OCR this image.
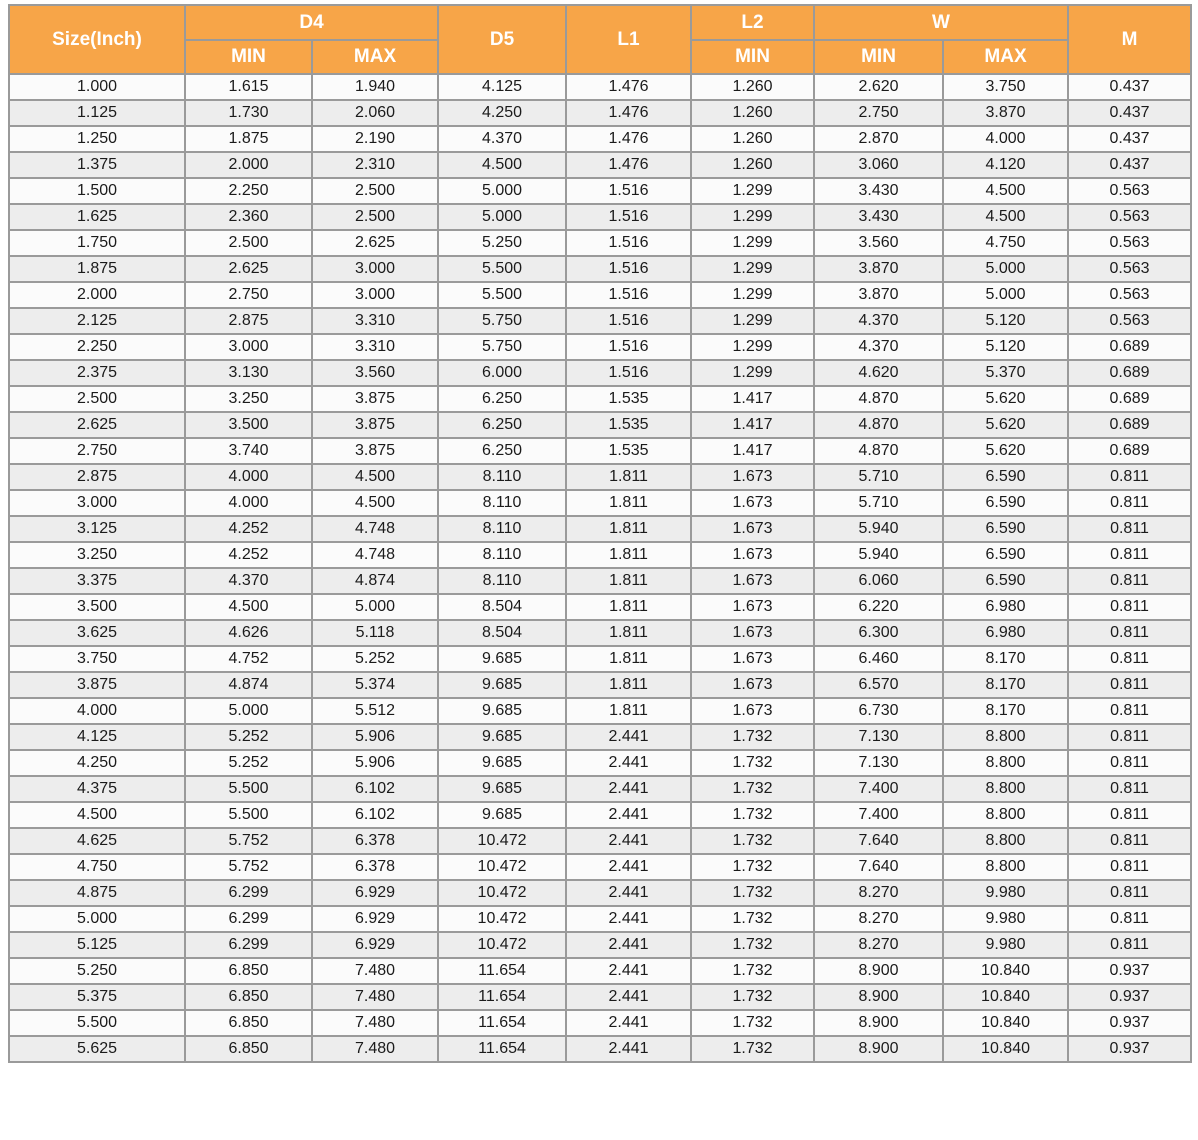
Size(Inch)	D4		D5	L1	L2	W		M
	MIN	MAX			MIN	MIN	MAX	
1.000	1.615	1.940	4.125	1.476	1.260	2.620	3.750	0.437
1.125	1.730	2.060	4.250	1.476	1.260	2.750	3.870	0.437
1.250	1.875	2.190	4.370	1.476	1.260	2.870	4.000	0.437
1.375	2.000	2.310	4.500	1.476	1.260	3.060	4.120	0.437
1.500	2.250	2.500	5.000	1.516	1.299	3.430	4.500	0.563
1.625	2.360	2.500	5.000	1.516	1.299	3.430	4.500	0.563
1.750	2.500	2.625	5.250	1.516	1.299	3.560	4.750	0.563
1.875	2.625	3.000	5.500	1.516	1.299	3.870	5.000	0.563
2.000	2.750	3.000	5.500	1.516	1.299	3.870	5.000	0.563
2.125	2.875	3.310	5.750	1.516	1.299	4.370	5.120	0.563
2.250	3.000	3.310	5.750	1.516	1.299	4.370	5.120	0.689
2.375	3.130	3.560	6.000	1.516	1.299	4.620	5.370	0.689
2.500	3.250	3.875	6.250	1.535	1.417	4.870	5.620	0.689
2.625	3.500	3.875	6.250	1.535	1.417	4.870	5.620	0.689
2.750	3.740	3.875	6.250	1.535	1.417	4.870	5.620	0.689
2.875	4.000	4.500	8.110	1.811	1.673	5.710	6.590	0.811
3.000	4.000	4.500	8.110	1.811	1.673	5.710	6.590	0.811
3.125	4.252	4.748	8.110	1.811	1.673	5.940	6.590	0.811
3.250	4.252	4.748	8.110	1.811	1.673	5.940	6.590	0.811
3.375	4.370	4.874	8.110	1.811	1.673	6.060	6.590	0.811
3.500	4.500	5.000	8.504	1.811	1.673	6.220	6.980	0.811
3.625	4.626	5.118	8.504	1.811	1.673	6.300	6.980	0.811
3.750	4.752	5.252	9.685	1.811	1.673	6.460	8.170	0.811
3.875	4.874	5.374	9.685	1.811	1.673	6.570	8.170	0.811
4.000	5.000	5.512	9.685	1.811	1.673	6.730	8.170	0.811
4.125	5.252	5.906	9.685	2.441	1.732	7.130	8.800	0.811
4.250	5.252	5.906	9.685	2.441	1.732	7.130	8.800	0.811
4.375	5.500	6.102	9.685	2.441	1.732	7.400	8.800	0.811
4.500	5.500	6.102	9.685	2.441	1.732	7.400	8.800	0.811
4.625	5.752	6.378	10.472	2.441	1.732	7.640	8.800	0.811
4.750	5.752	6.378	10.472	2.441	1.732	7.640	8.800	0.811
4.875	6.299	6.929	10.472	2.441	1.732	8.270	9.980	0.811
5.000	6.299	6.929	10.472	2.441	1.732	8.270	9.980	0.811
5.125	6.299	6.929	10.472	2.441	1.732	8.270	9.980	0.811
5.250	6.850	7.480	11.654	2.441	1.732	8.900	10.840	0.937
5.375	6.850	7.480	11.654	2.441	1.732	8.900	10.840	0.937
5.500	6.850	7.480	11.654	2.441	1.732	8.900	10.840	0.937
5.625	6.850	7.480	11.654	2.441	1.732	8.900	10.840	0.937
